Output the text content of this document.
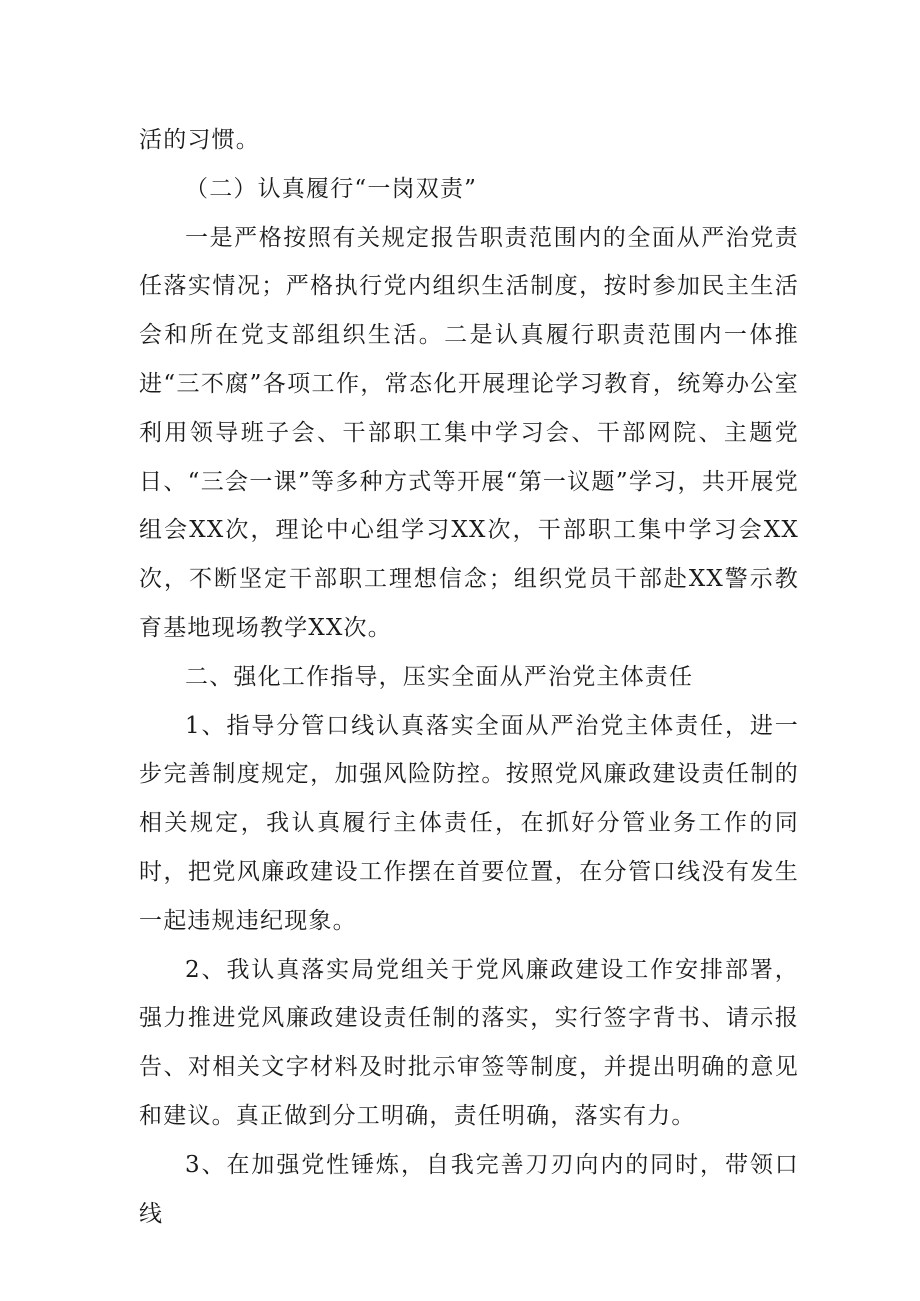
活的习惯。

（二）认真履行“一岗双责”

一是严格按照有关规定报告职责范围内的全面从严治党责任落实情况；严格执行党内组织生活制度，按时参加民主生活会和所在党支部组织生活。二是认真履行职责范围内一体推进“三不腐”各项工作，常态化开展理论学习教育，统筹办公室利用领导班子会、干部职工集中学习会、干部网院、主题党日、“三会一课”等多种方式等开展“第一议题”学习，共开展党组会XX次，理论中心组学习XX次，干部职工集中学习会XX次，不断坚定干部职工理想信念；组织党员干部赴XX警示教育基地现场教学XX次。

二、强化工作指导，压实全面从严治党主体责任

1、指导分管口线认真落实全面从严治党主体责任，进一步完善制度规定，加强风险防控。按照党风廉政建设责任制的相关规定，我认真履行主体责任，在抓好分管业务工作的同时，把党风廉政建设工作摆在首要位置，在分管口线没有发生一起违规违纪现象。

2、我认真落实局党组关于党风廉政建设工作安排部署，强力推进党风廉政建设责任制的落实，实行签字背书、请示报告、对相关文字材料及时批示审签等制度，并提出明确的意见和建议。真正做到分工明确，责任明确，落实有力。

3、在加强党性锤炼，自我完善刀刃向内的同时，带领口线
